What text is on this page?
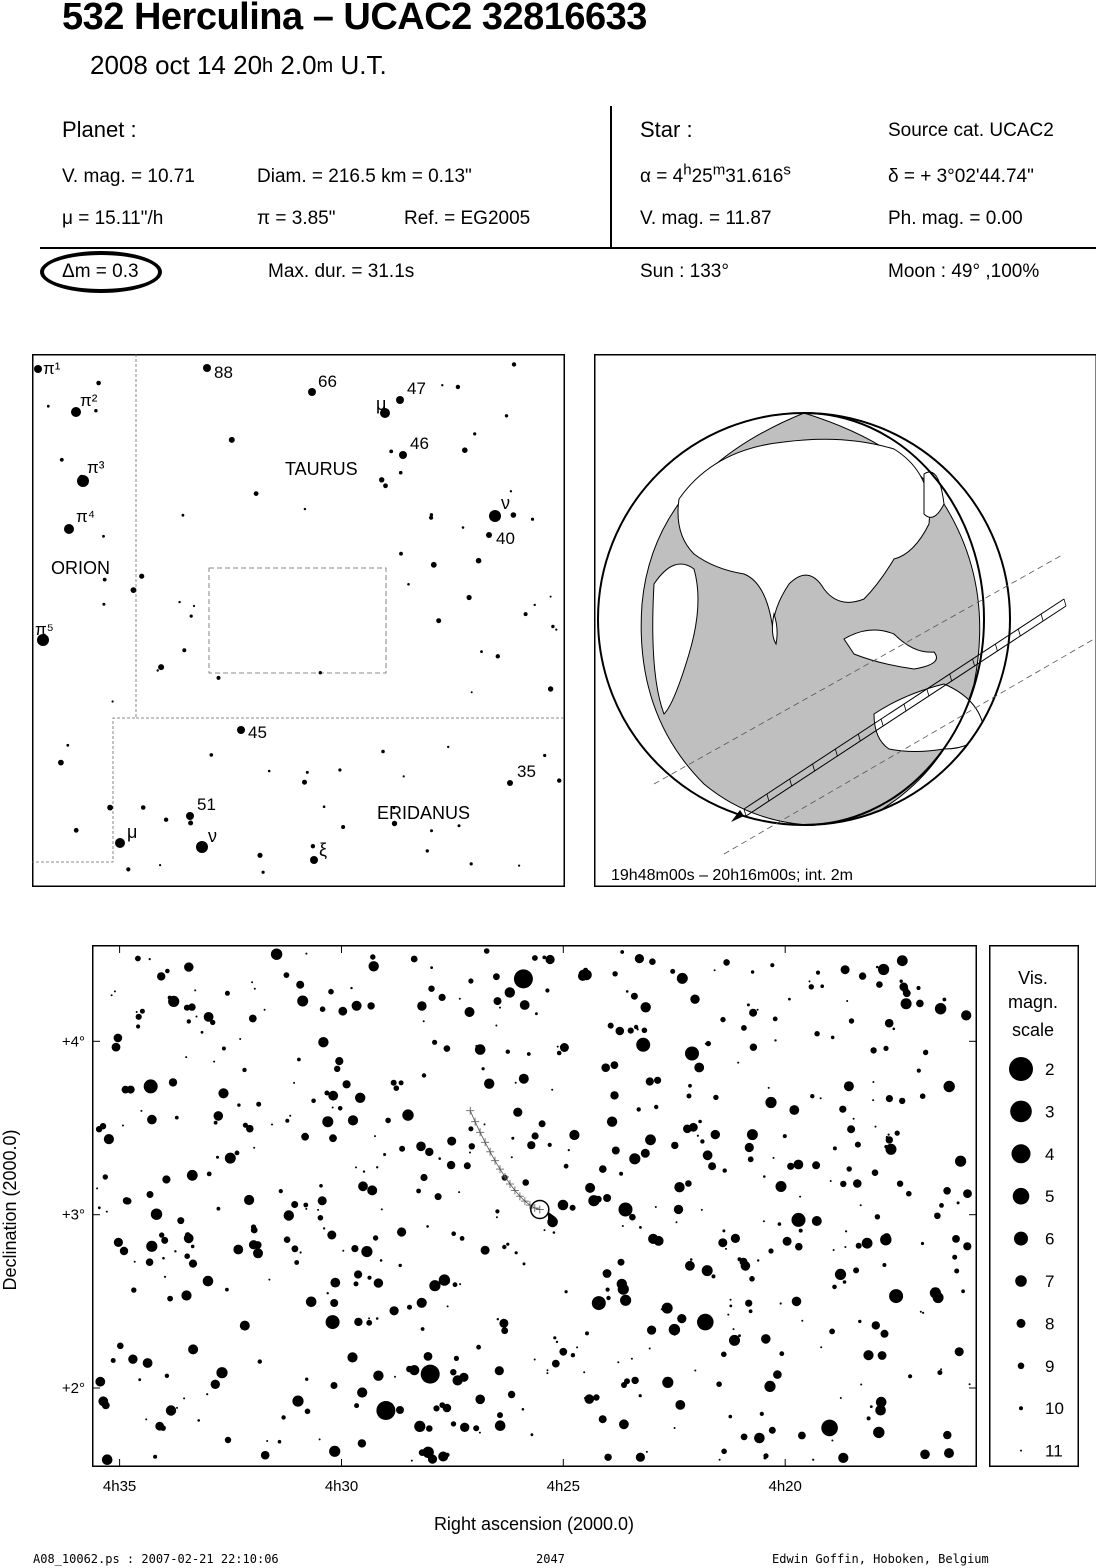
532 Herculina – UCAC2 32816633
2008 oct 14 20$^h$ 2.0$^m$ U.T.
Planet :
V. mag. = 10.71	Diam. = 216.5 km = 0.13"
μ = 15.11"/h	π = 3.85"	Ref. = EG2005
Star :	Source cat. UCAC2
$\alpha = 4^h25^m31.616^s$	δ = + 3°02'44.74"
V. mag. = 11.87	Ph. mag. = 0.00
Δm = 0.3	Max. dur. = 31.1s	Sun : 133°	Moon : 49° ,100%
TAURUS
ORION
ERIDANUS
π¹
π²
π³
π⁴
π⁵
88	66	47
μ
46
ν
40
45
35
51
μ	ν
ξ
19h48m00s – 20h16m00s; int. 2m
4h35	4h30	4h25	4h20
+4°
+3°
+2°
Right ascension (2000.0)
Declination (2000.0)
Vis.
magn.
scale
2
3
4
5
6
7
8
9
10
11
A08_10062.ps : 2007-02-21 22:10:06	2047	Edwin Goffin, Hoboken, Belgium
